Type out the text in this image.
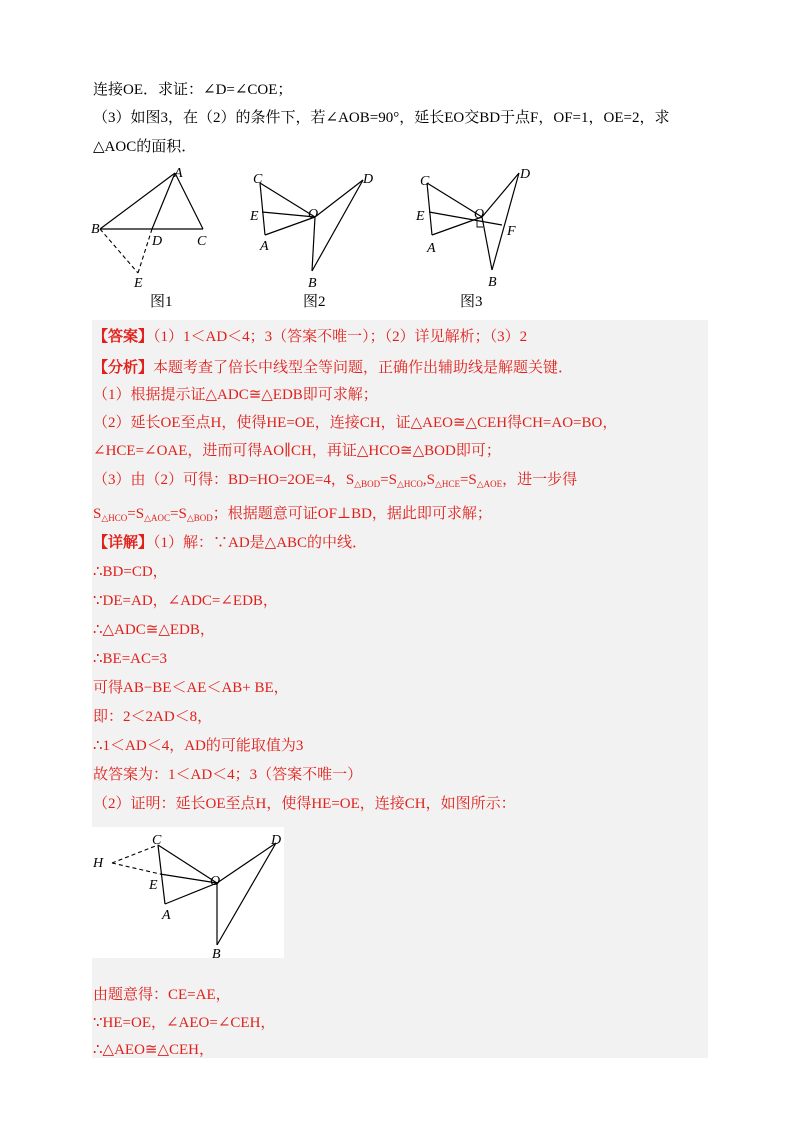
连接OE．求证：∠D=∠COE；
（3）如图3，在（2）的条件下，若∠AOB=90°，延长EO交BD于点F，OF=1，OE=2，求
△AOC的面积．
A
B
C
D
E
C	D
E	O
A
B
C	D
E	O
A
F
B
图1	图2	图3
【答案】（1）1＜AD＜4；3（答案不唯一）；（2）详见解析；（3）2
【分析】本题考查了倍长中线型全等问题，正确作出辅助线是解题关键．
（1）根据提示证△ADC≅△EDB即可求解；
（2）延长OE至点H，使得HE=OE，连接CH，证△AEO≅△CEH得CH=AO=BO，
∠HCE=∠OAE，进而可得AO∥CH，再证△HCO≅△BOD即可；
（3）由（2）可得：BD=HO=2OE=4，$S_{\triangle BOD}=S_{\triangle HCO},S_{\triangle HCE}=S_{\triangle AOE}$，进一步得
$S_{\triangle HCO}=S_{\triangle AOC}=S_{\triangle BOD}$；根据题意可证OF⊥BD，据此即可求解；
【详解】（1）解：∵AD是△ABC的中线．
∴BD=CD，
∵DE=AD，∠ADC=∠EDB，
∴△ADC≅△EDB，
∴BE=AC=3
可得AB−BE＜AE＜AB+ BE，
即：2＜2AD＜8，
∴1＜AD＜4，AD的可能取值为3
故答案为：1＜AD＜4；3（答案不唯一）
（2）证明：延长OE至点H，使得HE=OE，连接CH，如图所示：
H
C	D
E	O
A
B
由题意得：CE=AE，
∵HE=OE，∠AEO=∠CEH，
∴△AEO≅△CEH，
